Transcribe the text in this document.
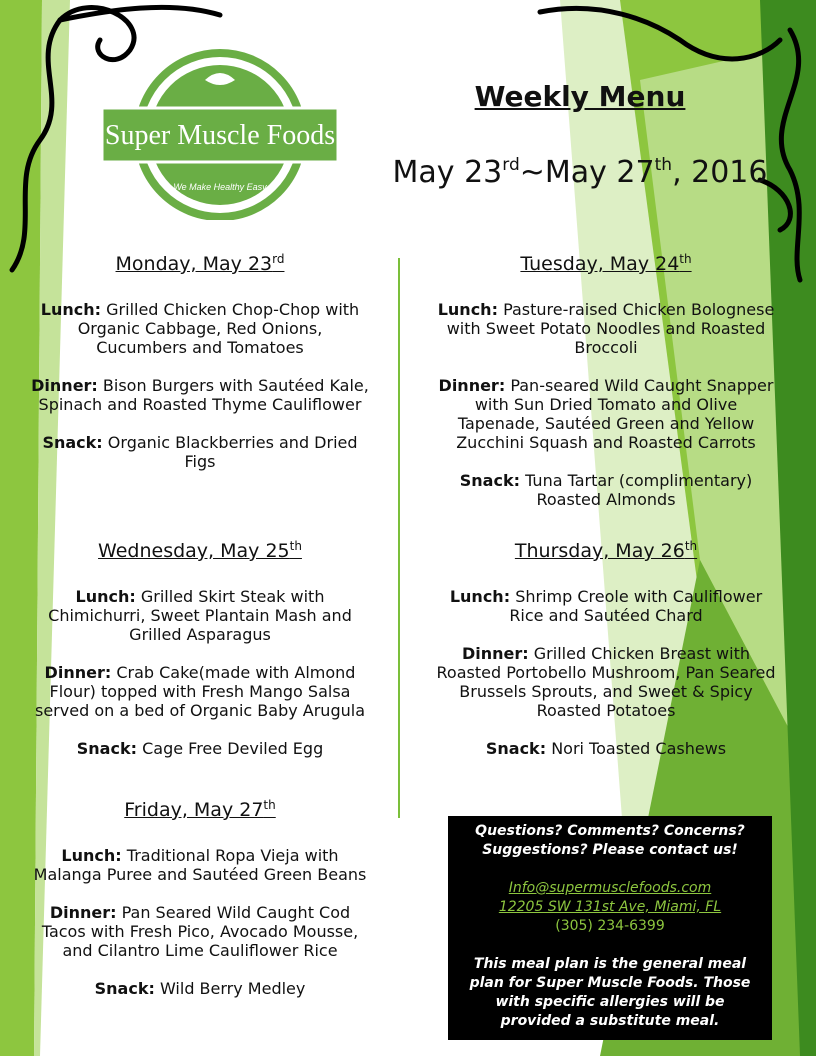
Super Muscle Foods
We Make Healthy Easy
Weekly Menu
May 23rd~May 27th, 2016
Monday, May 23rd
Lunch: Grilled Chicken Chop-Chop with Organic Cabbage, Red Onions, Cucumbers and Tomatoes
Dinner: Bison Burgers with Sautéed Kale, Spinach and Roasted Thyme Cauliflower
Snack: Organic Blackberries and Dried Figs
Tuesday, May 24th
Lunch: Pasture-raised Chicken Bolognese with Sweet Potato Noodles and Roasted Broccoli
Dinner: Pan-seared Wild Caught Snapper with Sun Dried Tomato and Olive Tapenade, Sautéed Green and Yellow Zucchini Squash and Roasted Carrots
Snack: Tuna Tartar (complimentary) Roasted Almonds
Wednesday, May 25th
Lunch: Grilled Skirt Steak with Chimichurri, Sweet Plantain Mash and Grilled Asparagus
Dinner: Crab Cake(made with Almond Flour) topped with Fresh Mango Salsa served on a bed of Organic Baby Arugula
Snack: Cage Free Deviled Egg
Thursday, May 26th
Lunch: Shrimp Creole with Cauliflower Rice and Sautéed Chard
Dinner: Grilled Chicken Breast with Roasted Portobello Mushroom, Pan Seared Brussels Sprouts, and Sweet & Spicy Roasted Potatoes
Snack: Nori Toasted Cashews
Friday, May 27th
Lunch: Traditional Ropa Vieja with Malanga Puree and Sautéed Green Beans
Dinner: Pan Seared Wild Caught Cod Tacos with Fresh Pico, Avocado Mousse, and Cilantro Lime Cauliflower Rice
Snack: Wild Berry Medley
Questions? Comments? Concerns?
Suggestions? Please contact us!
Info@supermusclefoods.com
12205 SW 131st Ave, Miami, FL
(305) 234-6399
This meal plan is the general meal plan for Super Muscle Foods. Those with specific allergies will be provided a substitute meal.
